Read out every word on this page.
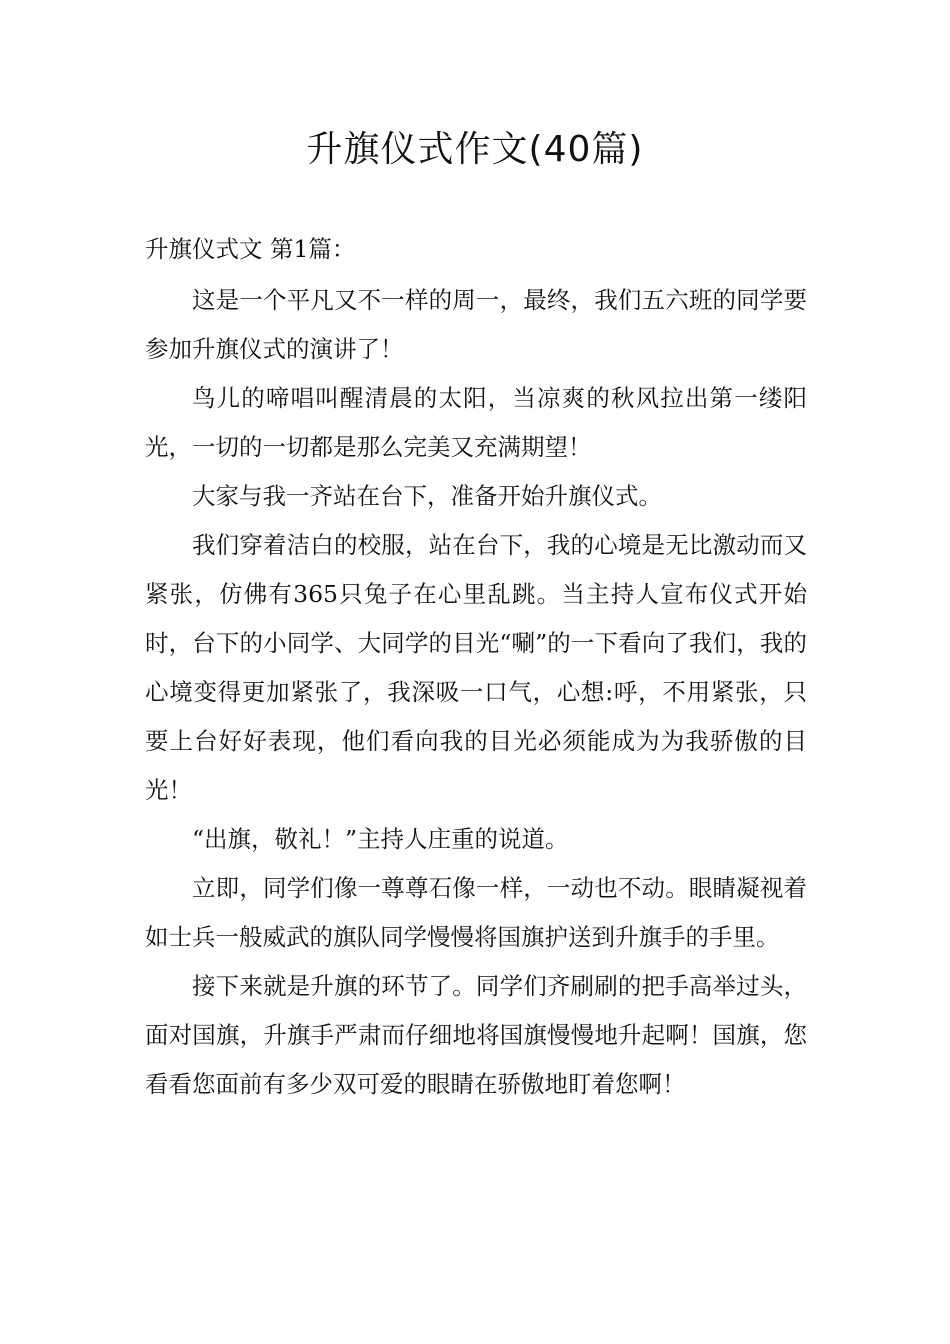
升旗仪式作文(40篇)

升旗仪式文 第1篇：

这是一个平凡又不一样的周一，最终，我们五六班的同学要参加升旗仪式的演讲了！

鸟儿的啼唱叫醒清晨的太阳，当凉爽的秋风拉出第一缕阳光，一切的一切都是那么完美又充满期望！

大家与我一齐站在台下，准备开始升旗仪式。

我们穿着洁白的校服，站在台下，我的心境是无比激动而又紧张，仿佛有365只兔子在心里乱跳。当主持人宣布仪式开始时，台下的小同学、大同学的目光“唰”的一下看向了我们，我的心境变得更加紧张了，我深吸一口气，心想:呼，不用紧张，只要上台好好表现，他们看向我的目光必须能成为为我骄傲的目光！

“出旗，敬礼！”主持人庄重的说道。

立即，同学们像一尊尊石像一样，一动也不动。眼睛凝视着如士兵一般威武的旗队同学慢慢将国旗护送到升旗手的手里。

接下来就是升旗的环节了。同学们齐刷刷的把手高举过头，面对国旗，升旗手严肃而仔细地将国旗慢慢地升起啊！国旗，您看看您面前有多少双可爱的眼睛在骄傲地盯着您啊！
